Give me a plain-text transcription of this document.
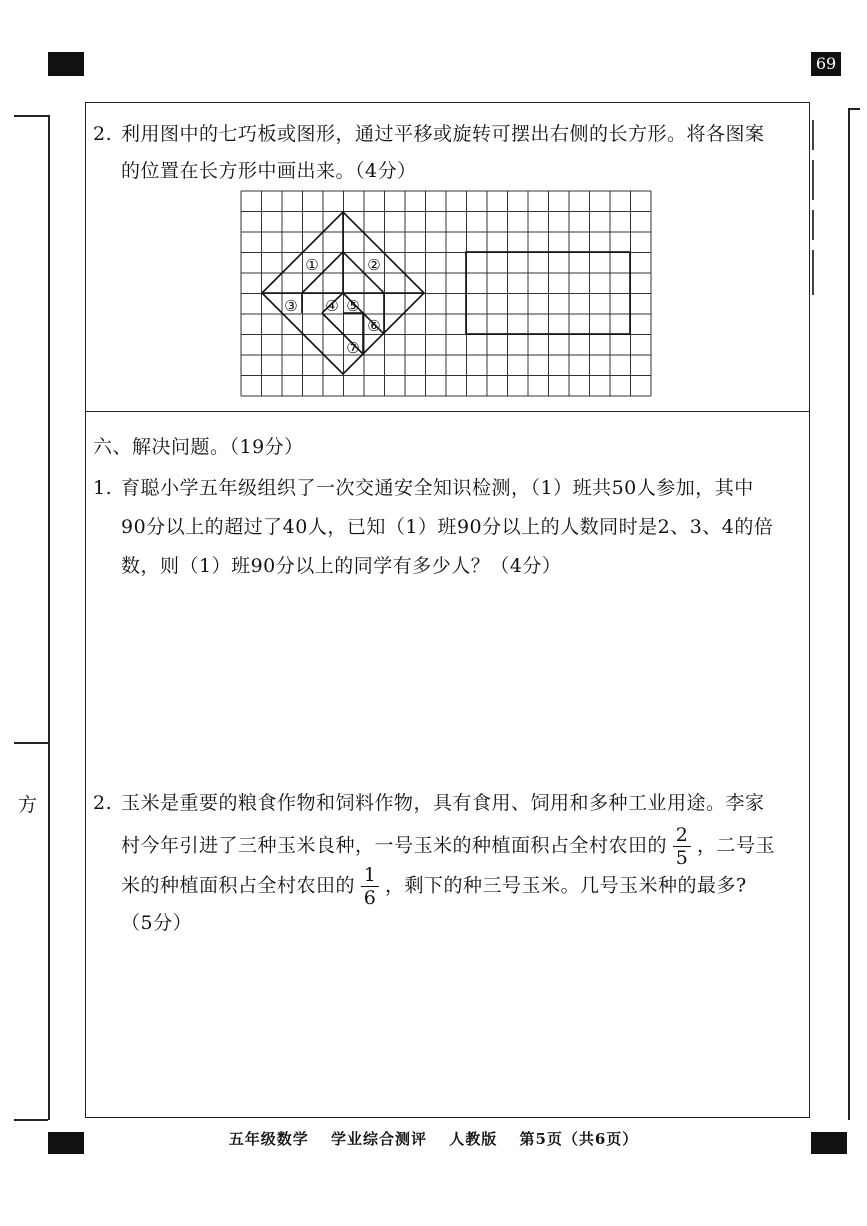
69
方
2. 利用图中的七巧板或图形，通过平移或旋转可摆出右侧的长方形。将各图案
的位置在长方形中画出来。（4分）
①	②
③ ④ ⑤
⑥
⑦
六、解决问题。（19分）
1. 育聪小学五年级组织了一次交通安全知识检测，（1）班共50人参加，其中
90分以上的超过了40人，已知（1）班90分以上的人数同时是2、3、4的倍
数，则（1）班90分以上的同学有多少人？（4分）
2. 玉米是重要的粮食作物和饲料作物，具有食用、饲用和多种工业用途。李家
村今年引进了三种玉米良种，一号玉米的种植面积占全村农田的 $\frac{2}{5}$ ，二号玉
米的种植面积占全村农田的 $\frac{1}{6}$ ，剩下的种三号玉米。几号玉米种的最多?
（5分）
五年级数学 学业综合测评 人教版 第5页（共6页）
